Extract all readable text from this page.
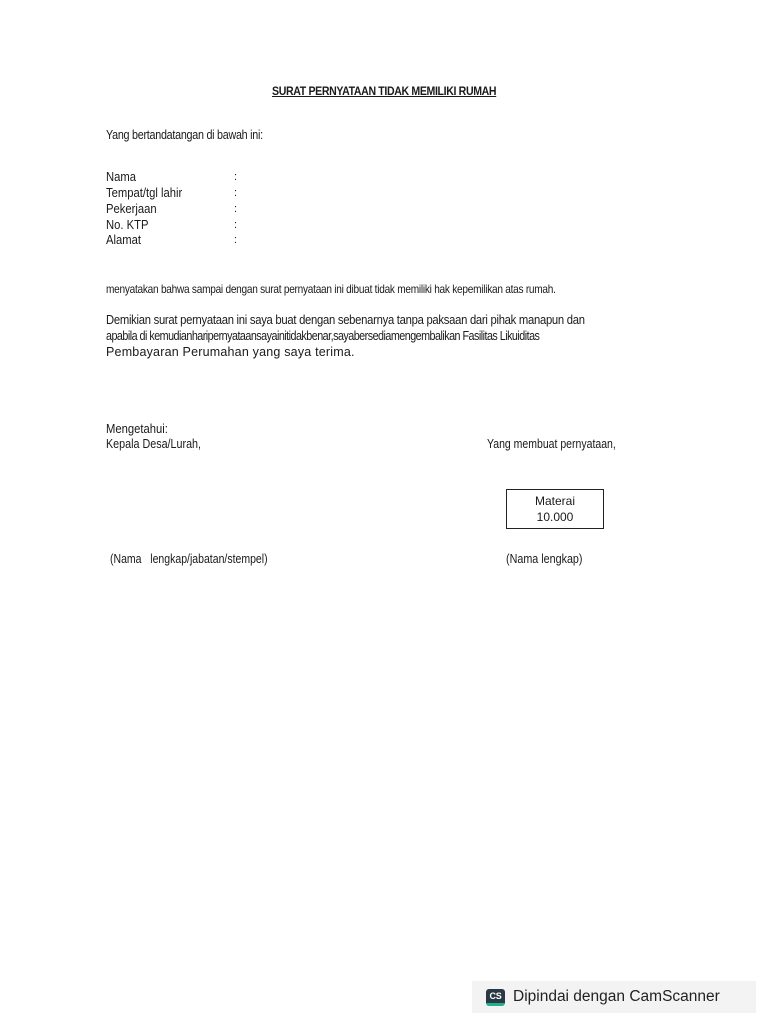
SURAT PERNYATAAN TIDAK MEMILIKI RUMAH
Yang bertandatangan di bawah ini:
Nama	:
Tempat/tgl lahir	:
Pekerjaan	:
No. KTP	:
Alamat	:
menyatakan bahwa sampai dengan surat pernyataan ini dibuat tidak memiliki hak kepemilikan atas rumah.
Demikian surat pernyataan ini saya buat dengan sebenarnya tanpa paksaan dari pihak manapun dan
apabila di kemudianharipernyataansayainitidakbenar,sayabersediamengembalikan Fasilitas Likuiditas
Pembayaran Perumahan yang saya terima.
Mengetahui:
Kepala Desa/Lurah,	Yang membuat pernyataan,
Materai
10.000
(Nama   lengkap/jabatan/stempel)	(Nama lengkap)
CS Dipindai dengan CamScanner
